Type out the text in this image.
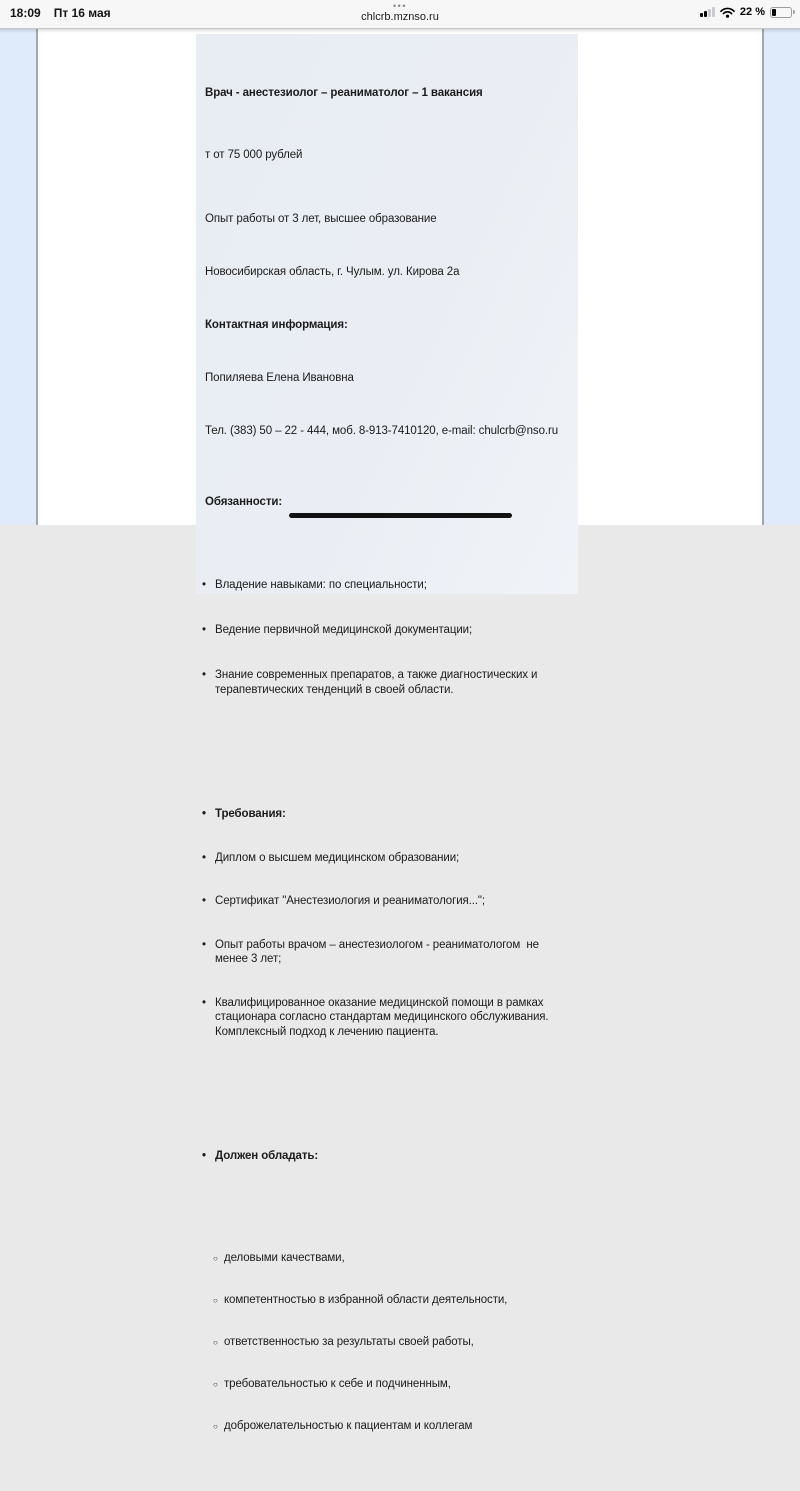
18:09 Пт 16 мая	•••
chlcrb.mznso.ru	22 %

Врач - анестезиолог – реаниматолог – 1 вакансия

т от 75 000 рублей

Опыт работы от 3 лет, высшее образование

Новосибирская область, г. Чулым. ул. Кирова 2а

Контактная информация:

Попиляева Елена Ивановна

Тел. (383) 50 – 22 - 444, моб. 8-913-7410120, e-mail: chulcrb@nso.ru

Обязанности:

• Владение навыками: по специальности;

• Ведение первичной медицинской документации;

• Знание современных препаратов, а также диагностических и терапевтических тенденций в своей области.

• Требования:

• Диплом о высшем медицинском образовании;

• Сертификат "Анестезиология и реаниматология...";

• Опыт работы врачом – анестезиологом - реаниматологом  не менее 3 лет;

• Квалифицированное оказание медицинской помощи в рамках стационара согласно стандартам медицинского обслуживания. Комплексный подход к лечению пациента.

• Должен обладать:

○ деловыми качествами,

○ компетентностью в избранной области деятельности,

○ ответственностью за результаты своей работы,

○ требовательностью к себе и подчиненным,

○ доброжелательностью к пациентам и коллегам
